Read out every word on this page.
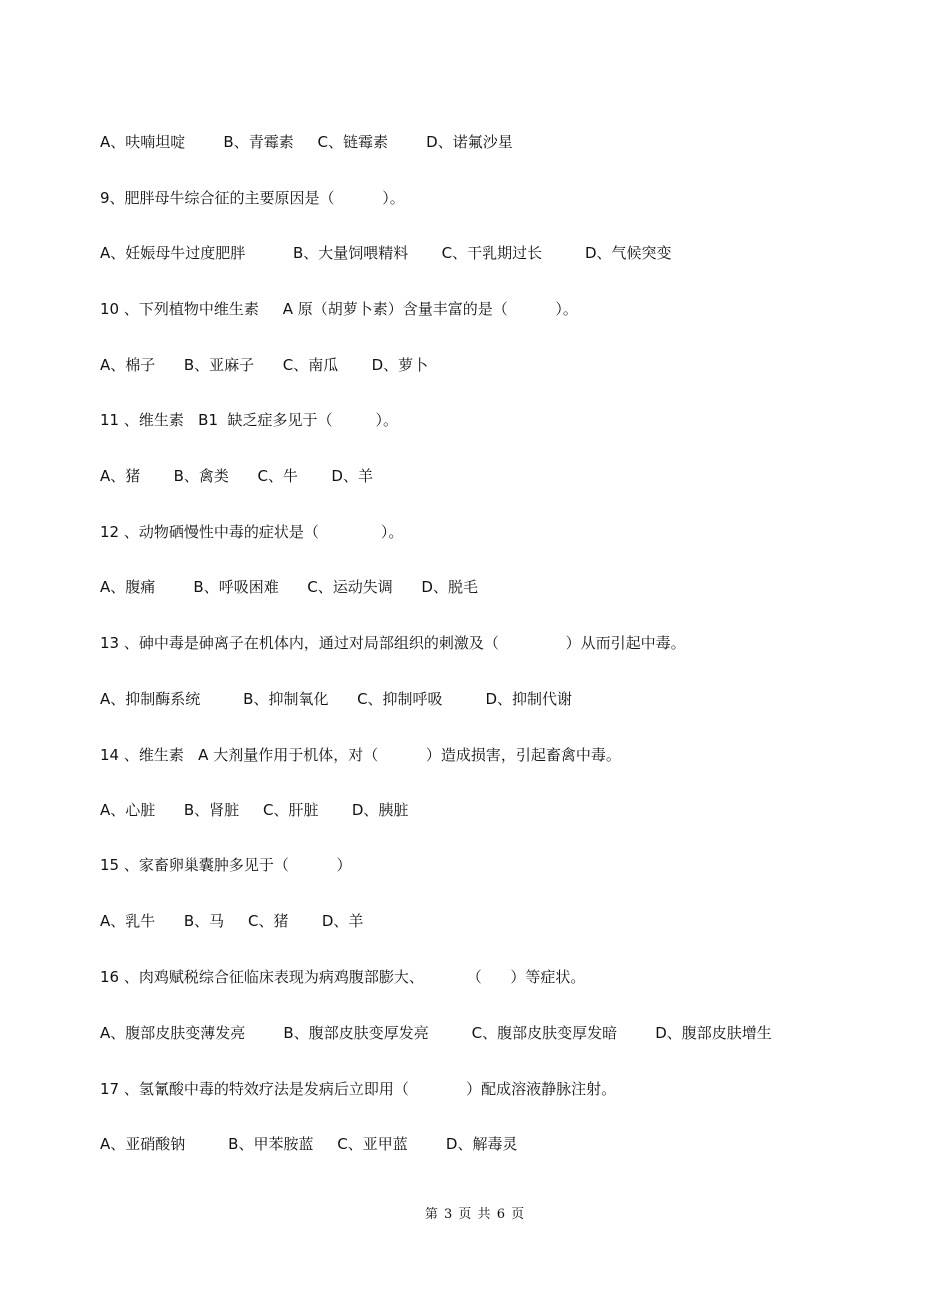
A、呋喃坦啶        B、青霉素     C、链霉素        D、诺氟沙星
9、肥胖母牛综合征的主要原因是（          ）。
A、妊娠母牛过度肥胖          B、大量饲喂精料       C、干乳期过长         D、气候突变
10 、下列植物中维生素     A 原（胡萝卜素）含量丰富的是（          ）。
A、棉子      B、亚麻子      C、南瓜       D、萝卜
11 、维生素   B1  缺乏症多见于（         ）。
A、猪       B、禽类      C、牛       D、羊
12 、动物硒慢性中毒的症状是（             ）。
A、腹痛        B、呼吸困难      C、运动失调      D、脱毛
13 、砷中毒是砷离子在机体内，通过对局部组织的刺激及（              ）从而引起中毒。
A、抑制酶系统         B、抑制氧化      C、抑制呼吸         D、抑制代谢
14 、维生素   A 大剂量作用于机体，对（          ）造成损害，引起畜禽中毒。
A、心脏      B、肾脏     C、肝脏       D、胰脏
15 、家畜卵巢囊肿多见于（          ）
A、乳牛      B、马     C、猪       D、羊
16 、肉鸡赋税综合征临床表现为病鸡腹部膨大、         （      ）等症状。
A、腹部皮肤变薄发亮        B、腹部皮肤变厚发亮         C、腹部皮肤变厚发暗        D、腹部皮肤增生
17 、氢氰酸中毒的特效疗法是发病后立即用（            ）配成溶液静脉注射。
A、亚硝酸钠         B、甲苯胺蓝     C、亚甲蓝        D、解毒灵
第 3 页 共 6 页
